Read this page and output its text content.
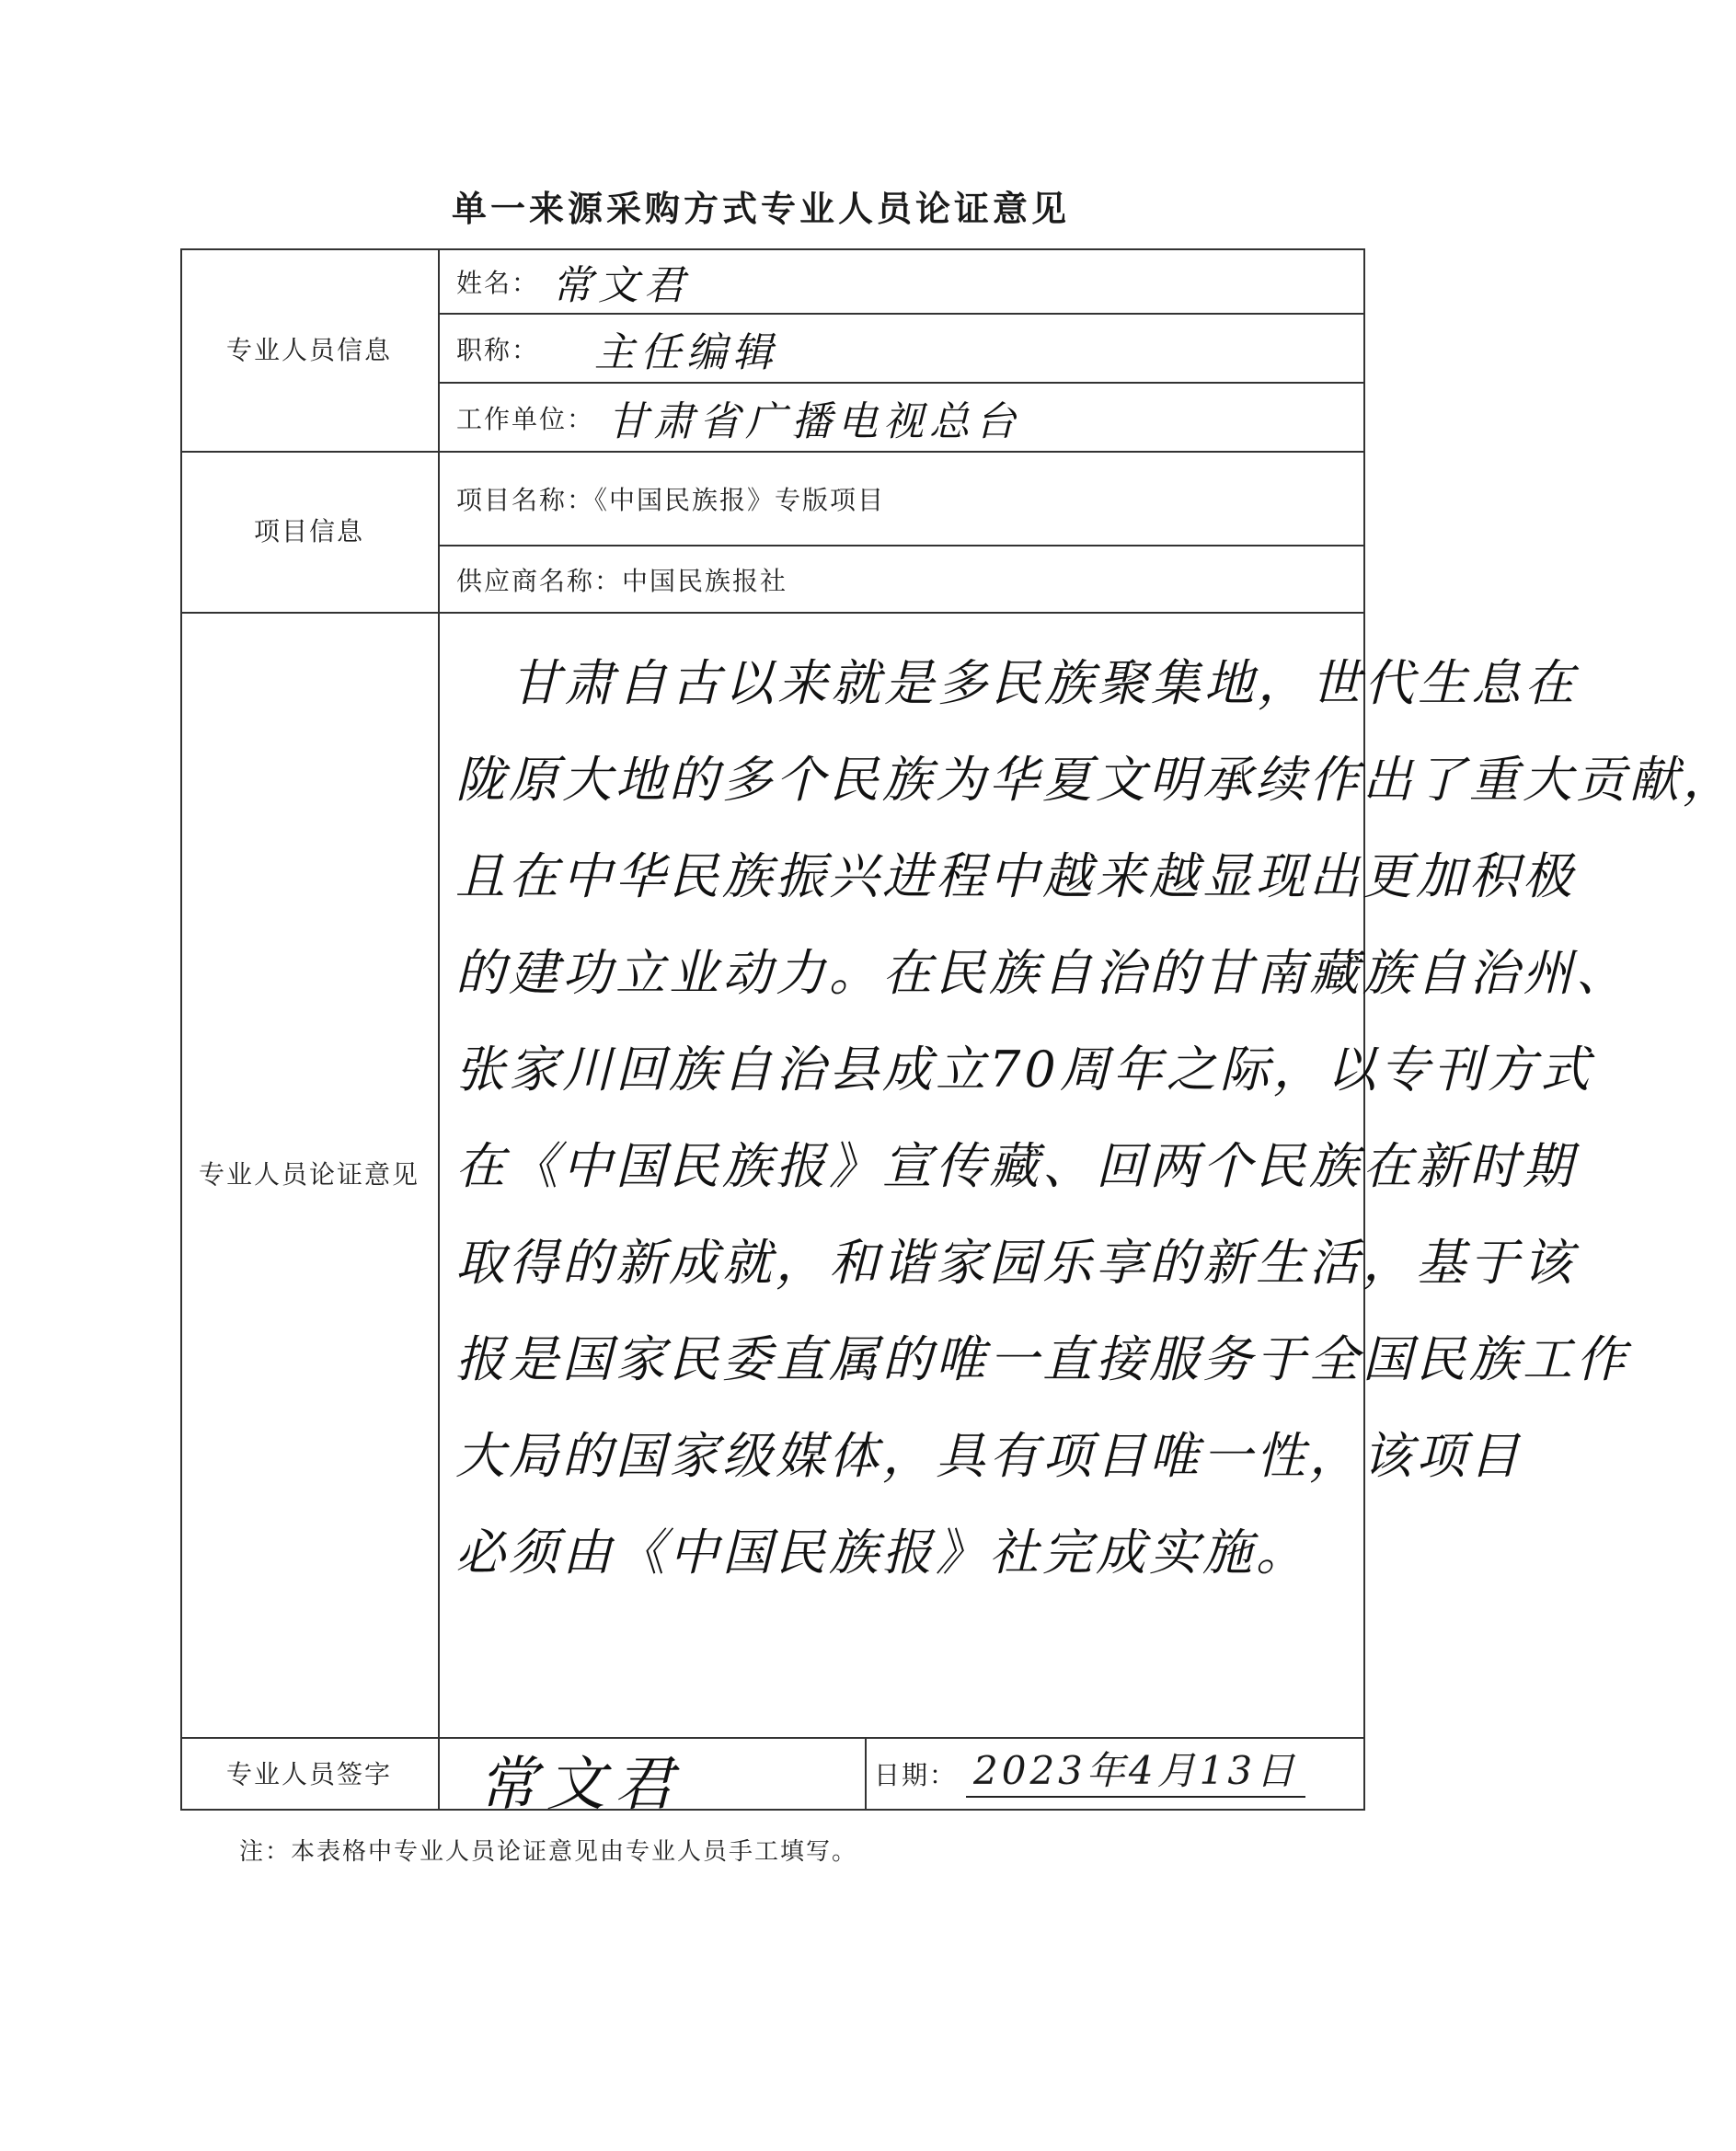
单一来源采购方式专业人员论证意见
专业人员信息
姓名： 常文君
职称： 主任编辑
工作单位： 甘肃省广播电视总台
项目信息
项目名称：《中国民族报》专版项目
供应商名称：中国民族报社
专业人员论证意见
甘肃自古以来就是多民族聚集地，世代生息在
陇原大地的多个民族为华夏文明承续作出了重大贡献，
且在中华民族振兴进程中越来越显现出更加积极
的建功立业动力。在民族自治的甘南藏族自治州、
张家川回族自治县成立70周年之际，以专刊方式
在《中国民族报》宣传藏、回两个民族在新时期
取得的新成就，和谐家园乐享的新生活，基于该
报是国家民委直属的唯一直接服务于全国民族工作
大局的国家级媒体，具有项目唯一性，该项目
必须由《中国民族报》社完成实施。
专业人员签字	常文君	日期： 2023年4月13日
注：本表格中专业人员论证意见由专业人员手工填写。
